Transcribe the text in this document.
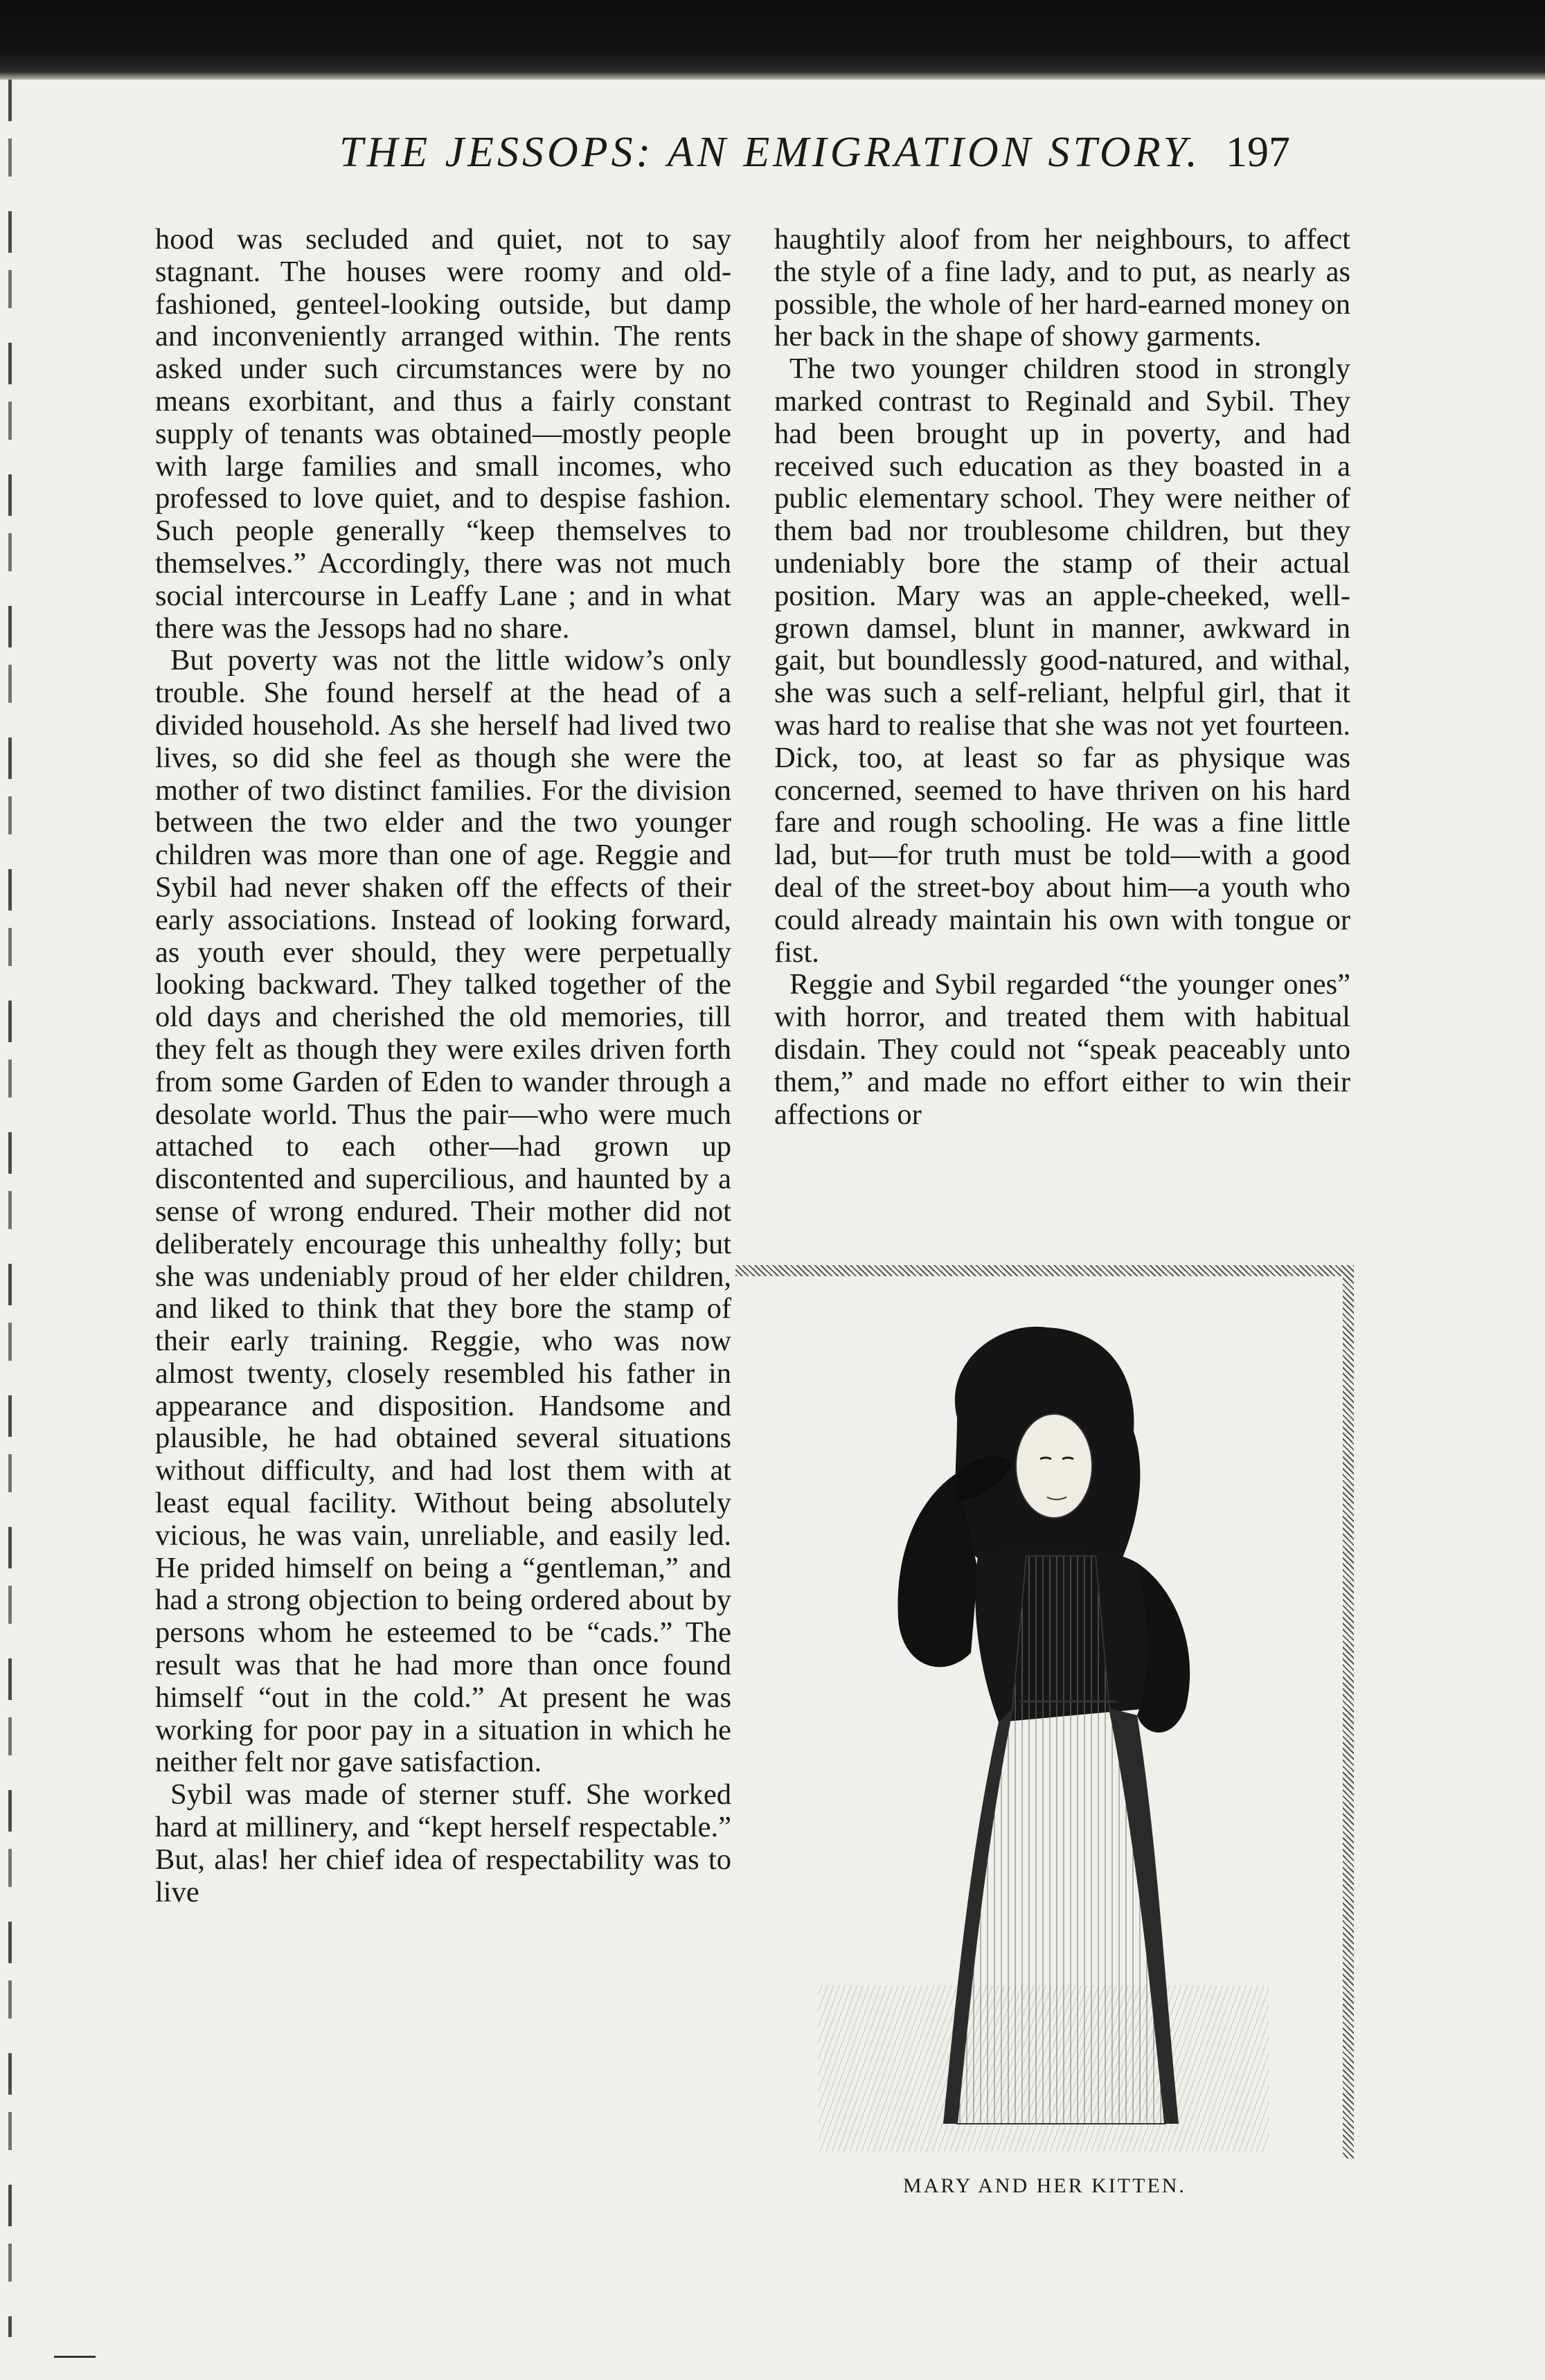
THE JESSOPS: AN EMIGRATION STORY. 197

hood was secluded and quiet, not to say stagnant. The houses were roomy and old-fashioned, genteel-looking outside, but damp and inconveniently arranged within. The rents asked under such circumstances were by no means exorbitant, and thus a fairly constant supply of tenants was obtained—mostly people with large families and small incomes, who professed to love quiet, and to despise fashion. Such people generally “keep themselves to themselves.” Accordingly, there was not much social intercourse in Leaffy Lane ; and in what there was the Jessops had no share.

But poverty was not the little widow’s only trouble. She found herself at the head of a divided household. As she herself had lived two lives, so did she feel as though she were the mother of two distinct families. For the division between the two elder and the two younger children was more than one of age. Reggie and Sybil had never shaken off the effects of their early associations. Instead of looking forward, as youth ever should, they were perpetually looking backward. They talked together of the old days and cherished the old memories, till they felt as though they were exiles driven forth from some Garden of Eden to wander through a desolate world. Thus the pair—who were much attached to each other—had grown up discontented and supercilious, and haunted by a sense of wrong endured. Their mother did not deliberately encourage this unhealthy folly; but she was undeniably proud of her elder children, and liked to think that they bore the stamp of their early training. Reggie, who was now almost twenty, closely resembled his father in appearance and disposition. Handsome and plausible, he had obtained several situations without difficulty, and had lost them with at least equal facility. Without being absolutely vicious, he was vain, unreliable, and easily led. He prided himself on being a “gentleman,” and had a strong objection to being ordered about by persons whom he esteemed to be “cads.” The result was that he had more than once found himself “out in the cold.” At present he was working for poor pay in a situation in which he neither felt nor gave satisfaction.

Sybil was made of sterner stuff. She worked hard at millinery, and “kept herself respectable.” But, alas! her chief idea of respectability was to live

haughtily aloof from her neighbours, to affect the style of a fine lady, and to put, as nearly as possible, the whole of her hard-earned money on her back in the shape of showy garments.

The two younger children stood in strongly marked contrast to Reginald and Sybil. They had been brought up in poverty, and had received such education as they boasted in a public elementary school. They were neither of them bad nor troublesome children, but they undeniably bore the stamp of their actual position. Mary was an apple-cheeked, well-grown damsel, blunt in manner, awkward in gait, but boundlessly good-natured, and withal, she was such a self-reliant, helpful girl, that it was hard to realise that she was not yet fourteen. Dick, too, at least so far as physique was concerned, seemed to have thriven on his hard fare and rough schooling. He was a fine little lad, but—for truth must be told—with a good deal of the street-boy about him—a youth who could already maintain his own with tongue or fist.

Reggie and Sybil regarded “the younger ones” with horror, and treated them with habitual disdain. They could not “speak peaceably unto them,” and made no effort either to win their affections or

MARY AND HER KITTEN.
